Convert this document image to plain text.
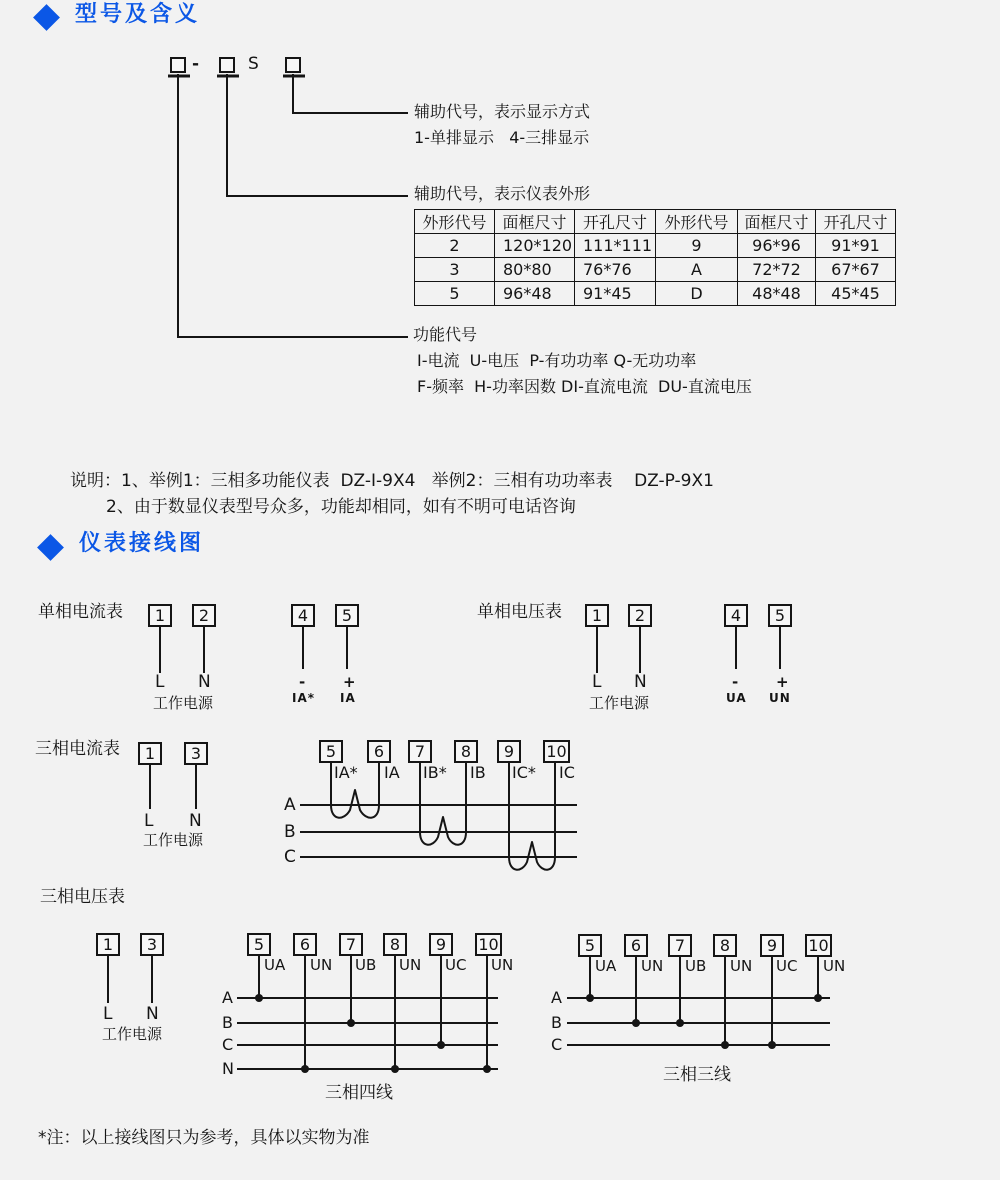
型号及含义
-	S
辅助代号，表示显示方式
1-单排显示   4-三排显示
辅助代号，表示仪表外形
外形代号	面框尺寸	开孔尺寸	外形代号	面框尺寸	开孔尺寸
2	120*120	111*111	9	96*96	91*91
3	80*80	76*76	A	72*72	67*67
5	96*48	91*45	D	48*48	45*45
功能代号
I-电流  U-电压  P-有功功率 Q-无功功率
F-频率  H-功率因数 DI-直流电流  DU-直流电压
说明：1、举例1：三相多功能仪表  DZ-I-9X4   举例2：三相有功功率表    DZ-P-9X1
2、由于数显仪表型号众多，功能却相同，如有不明可电话咨询
仪表接线图
单相电流表	1	2	4	5
L N
工作电源
-	+
IA* IA
单相电压表	1	2	4	5
L N
工作电源
-	+
UA UN
三相电流表	1	3
L N
工作电源
5	6	7	8	9	10
IA* IA IB* IB IC* IC
A
B
C
三相电压表
1	3
L N
工作电源
5	6	7	8	9	10
UA UN UB UN UC UN
A
B
C
N
三相四线
5	6	7	8	9	10
UA UN UB UN UC UN
A
B
C
三相三线
*注：以上接线图只为参考，具体以实物为准
